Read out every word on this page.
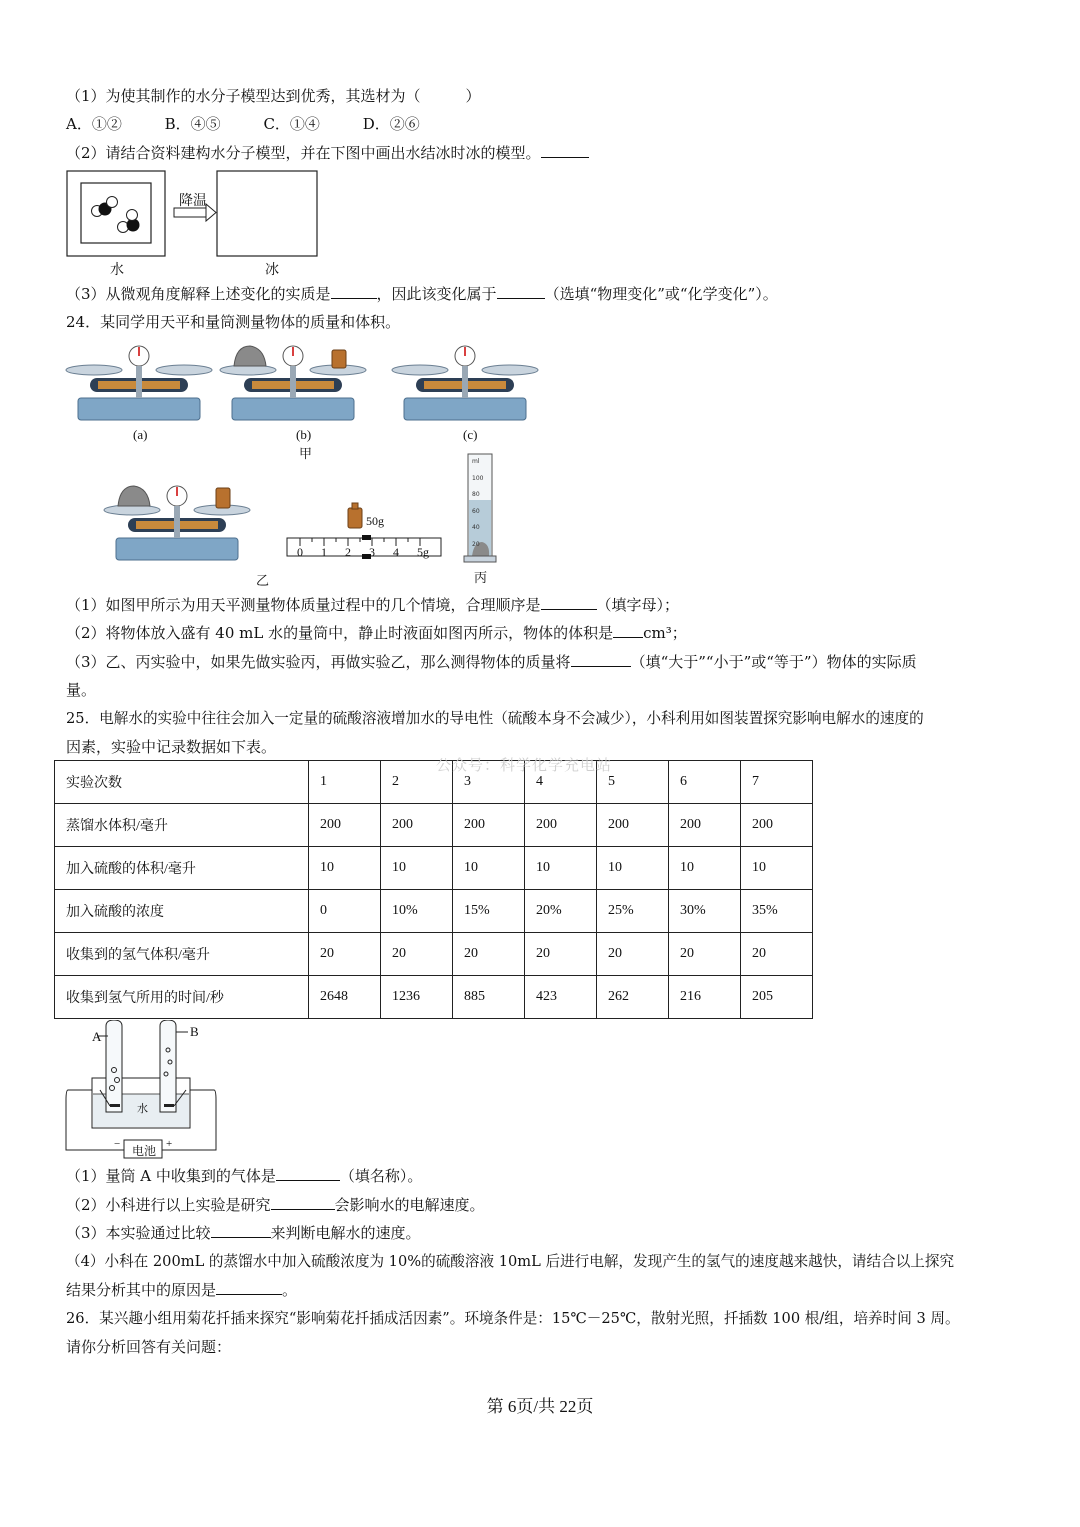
（1）为使其制作的水分子模型达到优秀，其选材为（　　　）
A．①②	B．④⑤	C．①④	D．②⑥
（2）请结合资料建构水分子模型，并在下图中画出水结冰时冰的模型。
降温
水	冰
（3）从微观角度解释上述变化的实质是	，因此该变化属于	（选填“物理变化”或“化学变化”）。
24．某同学用天平和量筒测量物体的质量和体积。
(a)	(b)	(c)
甲
乙
50g
0 1 2 3 4 5g
ml
100
80
60
40
20
丙
（1）如图甲所示为用天平测量物体质量过程中的几个情境，合理顺序是	（填字母）；
（2）将物体放入盛有 40 mL 水的量筒中，静止时液面如图丙所示，物体的体积是 cm³；
（3）乙、丙实验中，如果先做实验丙，再做实验乙，那么测得物体的质量将	（填“大于”“小于”或“等于”）物体的实际质
量。
25．电解水的实验中往往会加入一定量的硫酸溶液增加水的导电性（硫酸本身不会减少），小科利用如图装置探究影响电解水的速度的
因素，实验中记录数据如下表。
实验次数	1	2	3	4	5	6	7
蒸馏水体积/毫升	200	200	200	200	200	200	200
加入硫酸的体积/毫升	10	10	10	10	10	10	10
加入硫酸的浓度	0	10%	15%	20%	25%	30%	35%
收集到的氢气体积/毫升	20	20	20	20	20	20	20
收集到氢气所用的时间/秒	2648	1236	885	423	262	216	205
公众号：科学化学充电站
A	B
水
电池
−	+
（1）量筒 A 中收集到的气体是	（填名称）。
（2）小科进行以上实验是研究	会影响水的电解速度。
（3）本实验通过比较	来判断电解水的速度。
（4）小科在 200mL 的蒸馏水中加入硫酸浓度为 10%的硫酸溶液 10mL 后进行电解，发现产生的氢气的速度越来越快，请结合以上探究
结果分析其中的原因是	。
26．某兴趣小组用菊花扦插来探究“影响菊花扦插成活因素”。环境条件是：15℃－25℃，散射光照，扦插数 100 根/组，培养时间 3 周。
请你分析回答有关问题：
第 6页/共 22页
